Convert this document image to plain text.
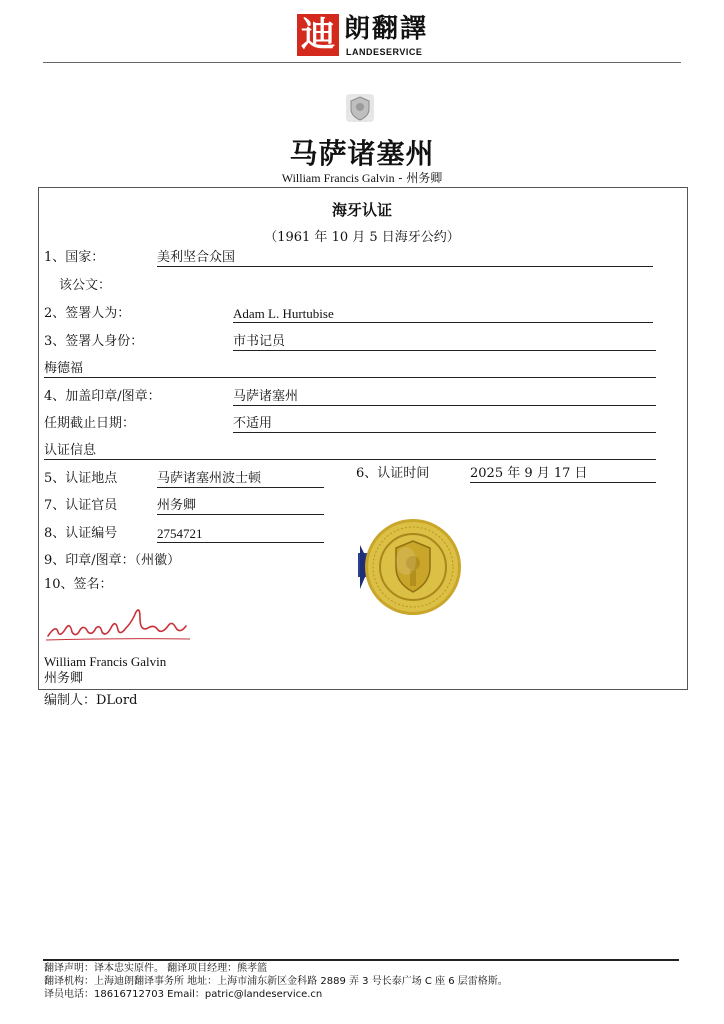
迪 朗翻譯
LANDESERVICE
马萨诸塞州
William Francis Galvin - 州务卿
海牙认证
（1961 年 10 月 5 日海牙公约）
1、国家：	美利坚合众国
该公文：
2、签署人为：	Adam L. Hurtubise
3、签署人身份：	市书记员
梅德福
4、加盖印章/图章：	马萨诸塞州
任期截止日期：	不适用
认证信息
5、认证地点	马萨诸塞州波士顿	6、认证时间	2025 年 9 月 17 日
7、认证官员	州务卿
8、认证编号	2754721
9、印章/图章：（州徽）
10、签名：
William Francis Galvin
州务卿
编制人：DLord
翻译声明：译本忠实原件。 翻译项目经理：熊孝篮
翻译机构：上海迪朗翻译事务所 地址：上海市浦东新区金科路 2889 弄 3 号长泰广场 C 座 6 层雷格斯。
译员电话：18616712703 Email：patric@landeservice.cn
